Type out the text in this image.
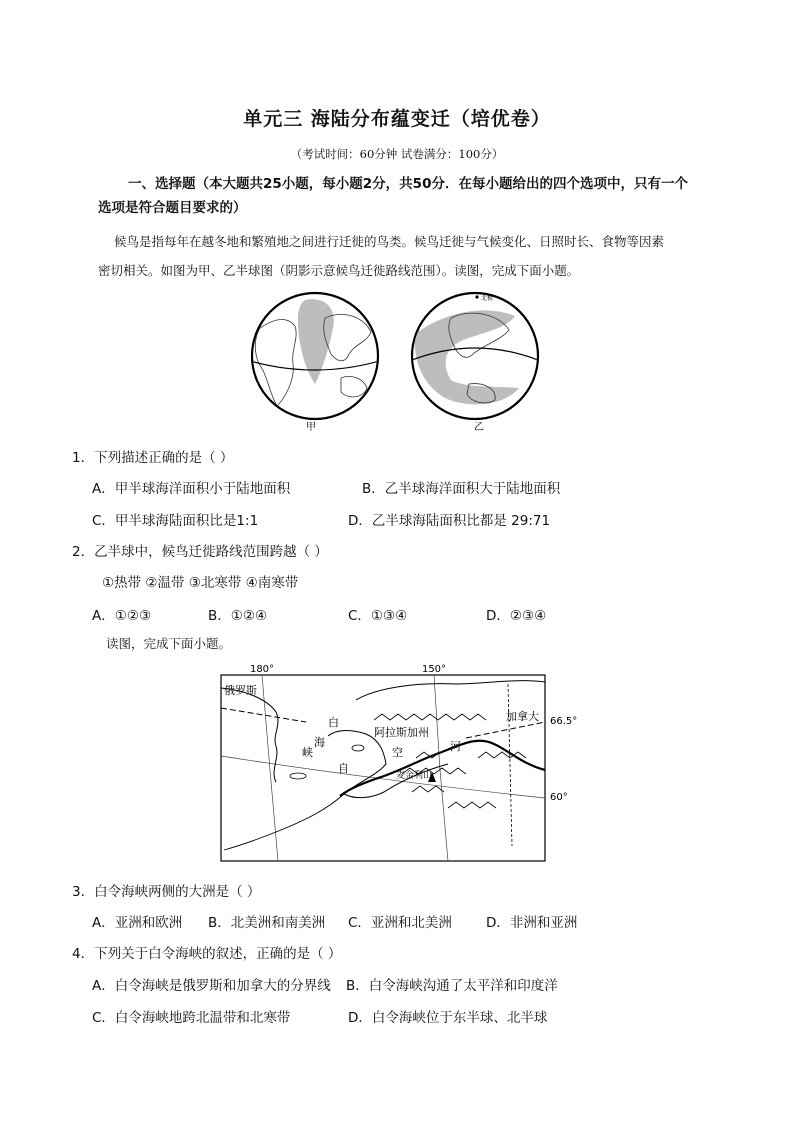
单元三 海陆分布蕴变迁（培优卷）
（考试时间：60分钟 试卷满分：100分）
一、选择题（本大题共25小题，每小题2分，共50分．在每小题给出的四个选项中，只有一个
选项是符合题目要求的）
候鸟是指每年在越冬地和繁殖地之间进行迁徙的鸟类。候鸟迁徙与气候变化、日照时长、食物等因素
密切相关。如图为甲、乙半球图（阴影示意候鸟迁徙路线范围）。读图，完成下面小题。
甲
北极
乙
1．下列描述正确的是（ ）
A．甲半球海洋面积小于陆地面积	B．乙半球海洋面积大于陆地面积
C．甲半球海陆面积比是1:1	D．乙半球海陆面积比都是 29:71
2．乙半球中，候鸟迁徙路线范围跨越（ ）
①热带 ②温带 ③北寒带 ④南寒带
A．①②③	B．①②④	C．①③④	D．②③④
读图，完成下面小题。
180°	150°
66.5°
60°
俄罗斯
加拿大
阿拉斯加州
白
海
峡	空	河
自
麦金利山
3．白令海峡两侧的大洲是（ ）
A．亚洲和欧洲 B．北美洲和南美洲 C．亚洲和北美洲	D．非洲和亚洲
4．下列关于白令海峡的叙述，正确的是（ ）
A．白令海峡是俄罗斯和加拿大的分界线 B．白令海峡沟通了太平洋和印度洋
C．白令海峡地跨北温带和北寒带	D．白令海峡位于东半球、北半球
